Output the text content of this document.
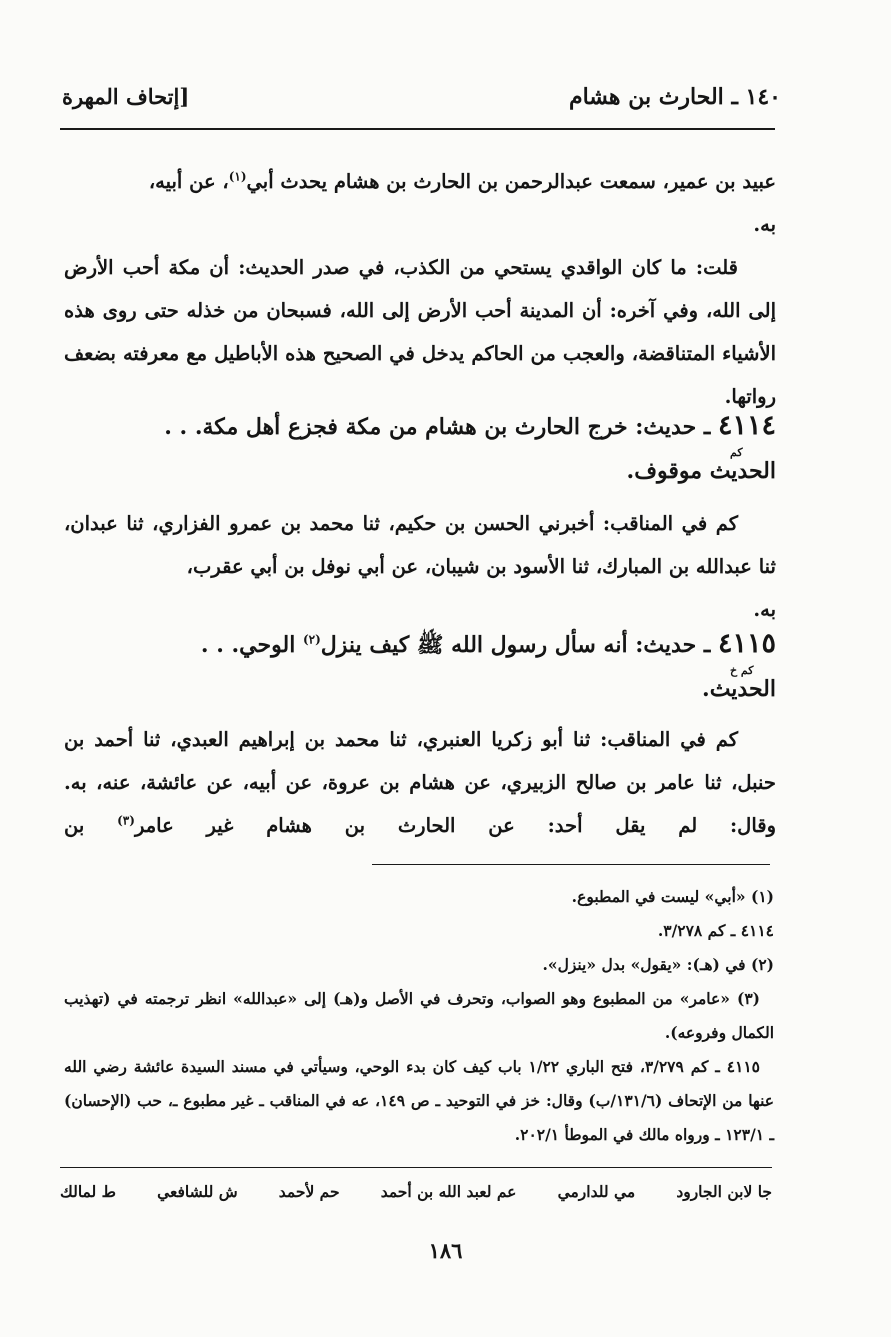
[إتحاف المهرة	١٤٠ ـ الحارث بن هشام
عبيد بن عمير، سمعت عبدالرحمن بن الحارث بن هشام يحدث أبي$^{(١)}$، عن أبيه،
به.
قلت: ما كان الواقدي يستحي من الكذب، في صدر الحديث: أن مكة أحب الأرض إلى الله، وفي آخره: أن المدينة أحب الأرض إلى الله، فسبحان من خذله حتى روى هذه الأشياء المتناقضة، والعجب من الحاكم يدخل في الصحيح هذه الأباطيل مع معرفته بضعف رواتها.
٤١١٤ ـ حديث: خرج الحارث بن هشام من مكة فجزع أهل مكة. . .
كم
الحديث موقوف.
كم في المناقب: أخبرني الحسن بن حكيم، ثنا محمد بن عمرو الفزاري، ثنا عبدان، ثنا عبدالله بن المبارك، ثنا الأسود بن شيبان، عن أبي نوفل بن أبي عقرب،
به.
٤١١٥ ـ حديث: أنه سأل رسول الله ﷺ كيف ينزل$^{(٢)}$ الوحي. . .
كم خ
الحديث.
كم في المناقب: ثنا أبو زكريا العنبري، ثنا محمد بن إبراهيم العبدي، ثنا أحمد بن حنبل، ثنا عامر بن صالح الزبيري، عن هشام بن عروة، عن أبيه، عن عائشة، عنه، به. وقال: لم يقل أحد: عن الحارث بن هشام غير عامر$^{(٣)}$ بن
(١) «أبي» ليست في المطبوع.
٤١١٤ ـ كم ٣/٢٧٨.
(٢) في (هـ): «يقول» بدل «ينزل».
(٣) «عامر» من المطبوع وهو الصواب، وتحرف في الأصل و(هـ) إلى «عبدالله» انظر ترجمته في (تهذيب الكمال وفروعه).
٤١١٥ ـ كم ٣/٢٧٩، فتح الباري ١/٢٢ باب كيف كان بدء الوحي، وسيأتي في مسند السيدة عائشة رضي الله عنها من الإتحاف (١٣١/٦/ب) وقال: خز في التوحيد ـ ص ١٤٩، عه في المناقب ـ غير مطبوع ـ، حب (الإحسان) ـ ١٢٣/١ ـ ورواه مالك في الموطأ ٢٠٢/١.
ط لمالك	ش للشافعي	حم لأحمد	عم لعبد الله بن أحمد	مي للدارمي	جا لابن الجارود
١٨٦
